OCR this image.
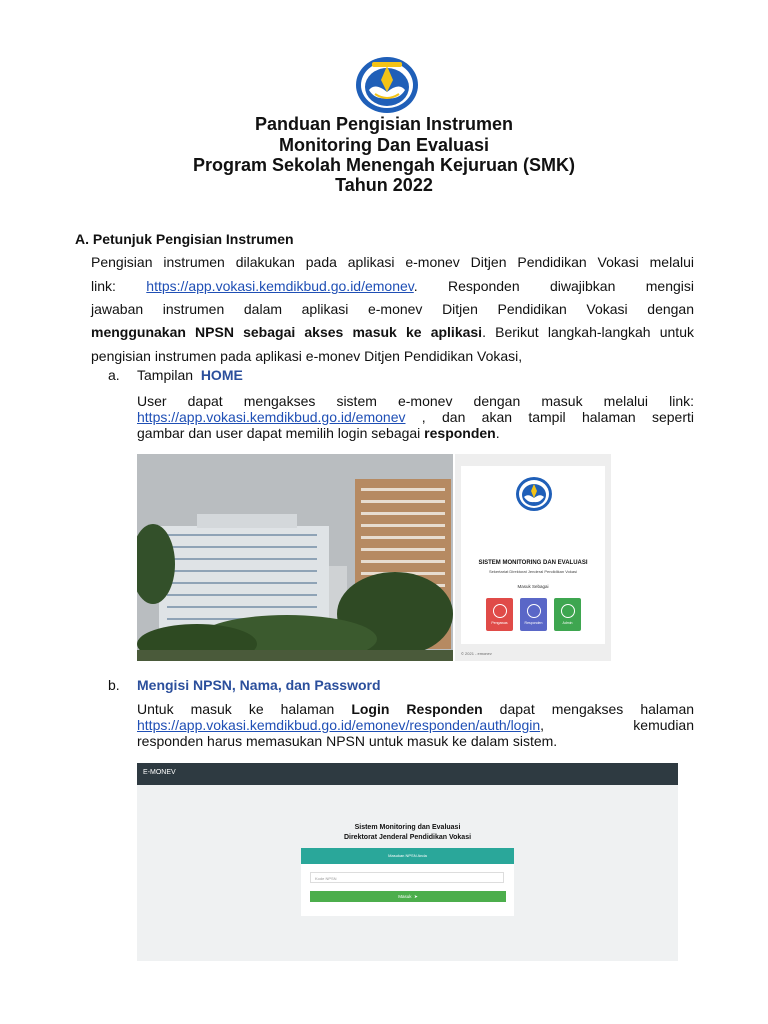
Panduan Pengisian Instrumen
Monitoring Dan Evaluasi
Program Sekolah Menengah Kejuruan (SMK)
Tahun 2022
A. Petunjuk Pengisian Instrumen
Pengisian instrumen dilakukan pada aplikasi e-monev Ditjen Pendidikan Vokasi melalui
link: https://app.vokasi.kemdikbud.go.id/emonev. Responden diwajibkan mengisi
jawaban instrumen dalam aplikasi e-monev Ditjen Pendidikan Vokasi dengan
menggunakan NPSN sebagai akses masuk ke aplikasi. Berikut langkah-langkah untuk
pengisian instrumen pada aplikasi e-monev Ditjen Pendidikan Vokasi,
a. Tampilan HOME
User dapat mengakses sistem e-monev dengan masuk melalui link:
https://app.vokasi.kemdikbud.go.id/emonev , dan akan tampil halaman seperti
gambar dan user dapat memilih login sebagai responden.
SISTEM MONITORING DAN EVALUASI
Sekertariat Direktorat Jenderal Pendidikan Vokasi
Masuk Sebagai
Pengawas	Responden	Admin
© 2021 - emonev
b. Mengisi NPSN, Nama, dan Password
Untuk masuk ke halaman Login Responden dapat mengakses halaman
https://app.vokasi.kemdikbud.go.id/emonev/responden/auth/login, kemudian
responden harus memasukan NPSN untuk masuk ke dalam sistem.
E-MONEV
Sistem Monitoring dan Evaluasi
Direktorat Jenderal Pendidikan Vokasi
Masukan NPSN Anda
Kode NPSN
Masuk  ➤
